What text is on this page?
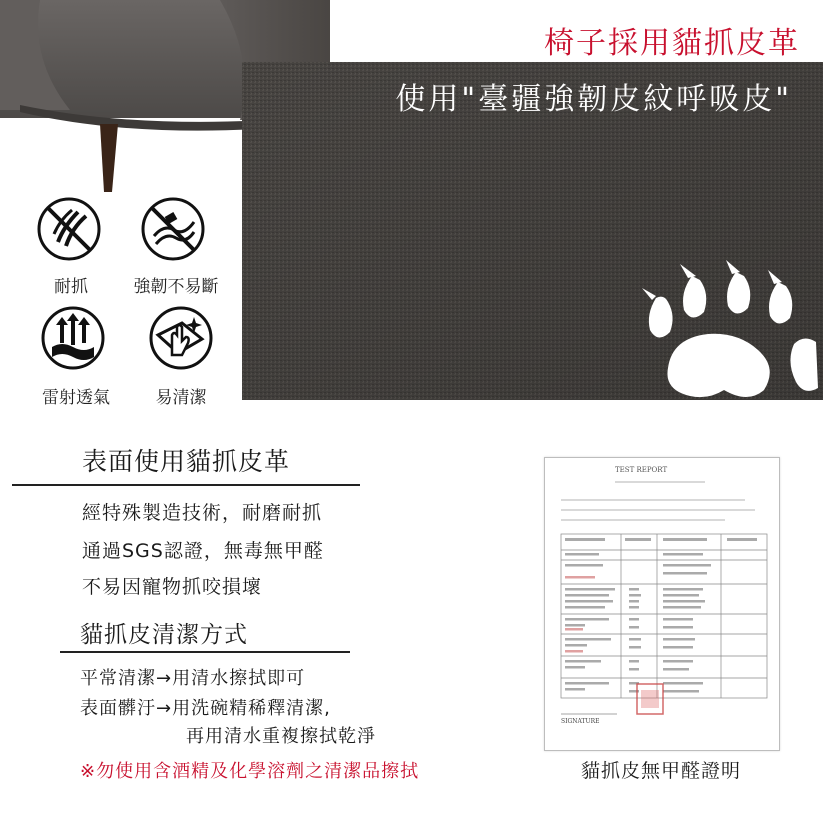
椅子採用貓抓皮革
使用"臺疆強韌皮紋呼吸皮"
耐抓	強韌不易斷
雷射透氣	易清潔
表面使用貓抓皮革
經特殊製造技術，耐磨耐抓
通過SGS認證，無毒無甲醛
不易因寵物抓咬損壞
貓抓皮清潔方式
平常清潔→用清水擦拭即可
表面髒汙→用洗碗精稀釋清潔,
再用清水重複擦拭乾淨
※勿使用含酒精及化學溶劑之清潔品擦拭
TEST REPORT
SIGNATURE
貓抓皮無甲醛證明
